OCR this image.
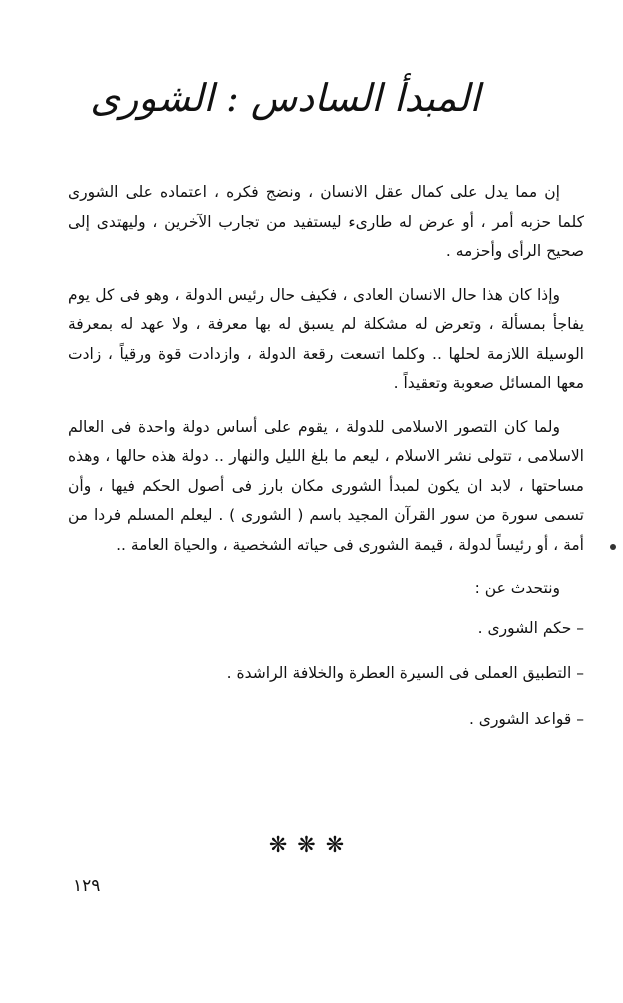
المبدأ السادس : الشورى

إن مما يدل على كمال عقل الانسان ، ونضج فكره ، اعتماده على الشورى كلما حزبه أمر ، أو عرض له طارىء ليستفيد من تجارب الآخرين ، وليهتدى إلى صحيح الرأى وأحزمه .

وإذا كان هذا حال الانسان العادى ، فكيف حال رئيس الدولة ، وهو فى كل يوم يفاجأ بمسألة ، وتعرض له مشكلة لم يسبق له بها معرفة ، ولا عهد له بمعرفة الوسيلة اللازمة لحلها .. وكلما اتسعت رقعة الدولة ، وازدادت قوة ورقياً ، زادت معها المسائل صعوبة وتعقيداً .

ولما كان التصور الاسلامى للدولة ، يقوم على أساس دولة واحدة فى العالم الاسلامى ، تتولى نشر الاسلام ، ليعم ما بلغ الليل والنهار .. دولة هذه حالها ، وهذه مساحتها ، لابد ان يكون لمبدأ الشورى مكان بارز فى أصول الحكم فيها ، وأن تسمى سورة من سور القرآن المجيد باسم ( الشورى ) . ليعلم المسلم فردا من أمة ، أو رئيساً لدولة ، قيمة الشورى فى حياته الشخصية ، والحياة العامة ..

ونتحدث عن :

– حكم الشورى .
– التطبيق العملى فى السيرة العطرة والخلافة الراشدة .
– قواعد الشورى .
❋❋❋
١٢٩
